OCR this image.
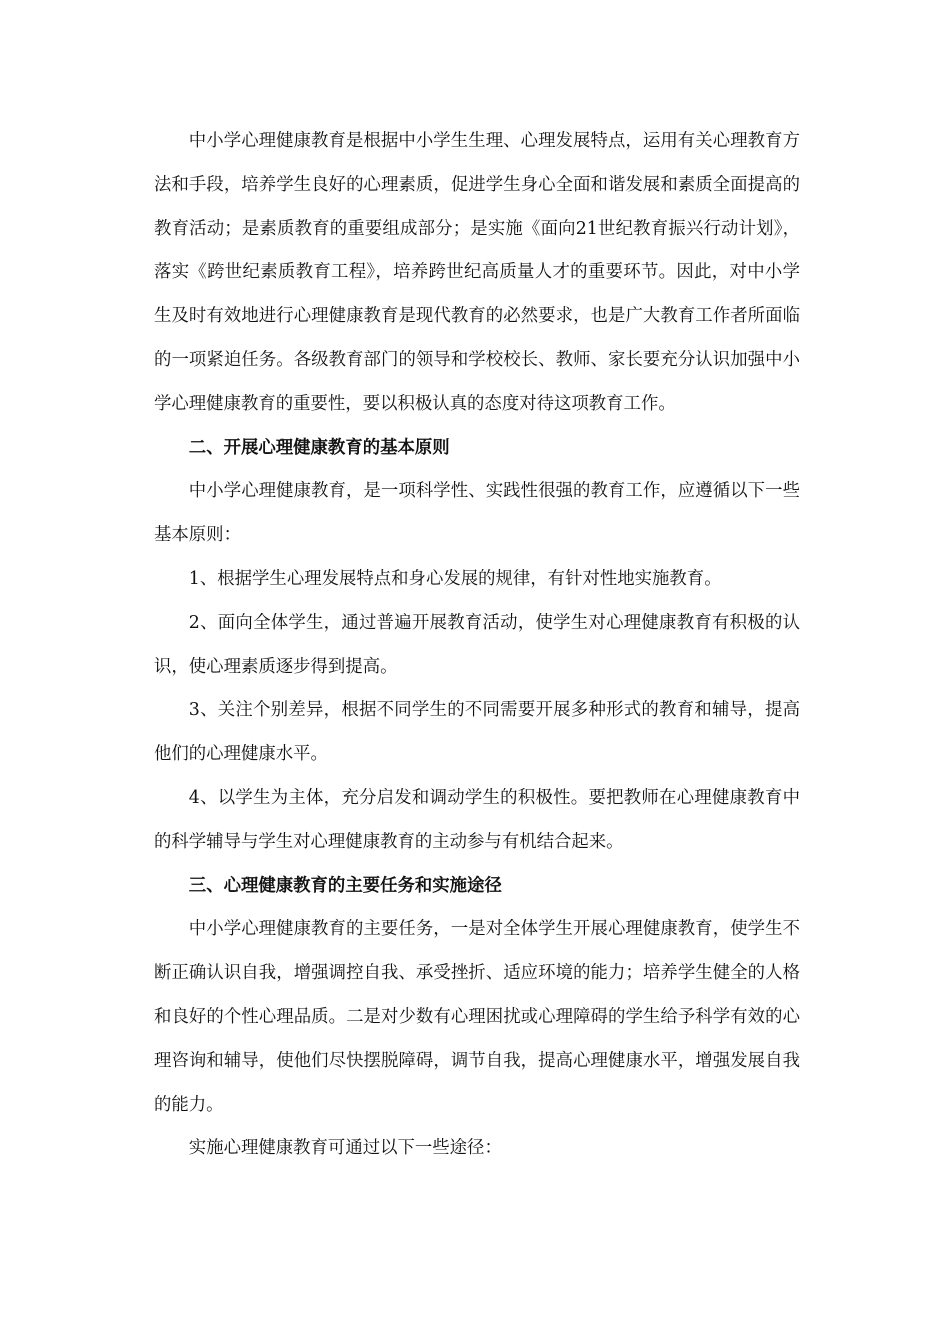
中小学心理健康教育是根据中小学生生理、心理发展特点，运用有关心理教育方法和手段，培养学生良好的心理素质，促进学生身心全面和谐发展和素质全面提高的教育活动；是素质教育的重要组成部分；是实施《面向21世纪教育振兴行动计划》，落实《跨世纪素质教育工程》，培养跨世纪高质量人才的重要环节。因此，对中小学生及时有效地进行心理健康教育是现代教育的必然要求，也是广大教育工作者所面临的一项紧迫任务。各级教育部门的领导和学校校长、教师、家长要充分认识加强中小学心理健康教育的重要性，要以积极认真的态度对待这项教育工作。

二、开展心理健康教育的基本原则

中小学心理健康教育，是一项科学性、实践性很强的教育工作，应遵循以下一些基本原则：

1、根据学生心理发展特点和身心发展的规律，有针对性地实施教育。

2、面向全体学生，通过普遍开展教育活动，使学生对心理健康教育有积极的认识，使心理素质逐步得到提高。

3、关注个别差异，根据不同学生的不同需要开展多种形式的教育和辅导，提高他们的心理健康水平。

4、以学生为主体，充分启发和调动学生的积极性。要把教师在心理健康教育中的科学辅导与学生对心理健康教育的主动参与有机结合起来。

三、心理健康教育的主要任务和实施途径

中小学心理健康教育的主要任务，一是对全体学生开展心理健康教育，使学生不断正确认识自我，增强调控自我、承受挫折、适应环境的能力；培养学生健全的人格和良好的个性心理品质。二是对少数有心理困扰或心理障碍的学生给予科学有效的心理咨询和辅导，使他们尽快摆脱障碍，调节自我，提高心理健康水平，增强发展自我的能力。

实施心理健康教育可通过以下一些途径：
